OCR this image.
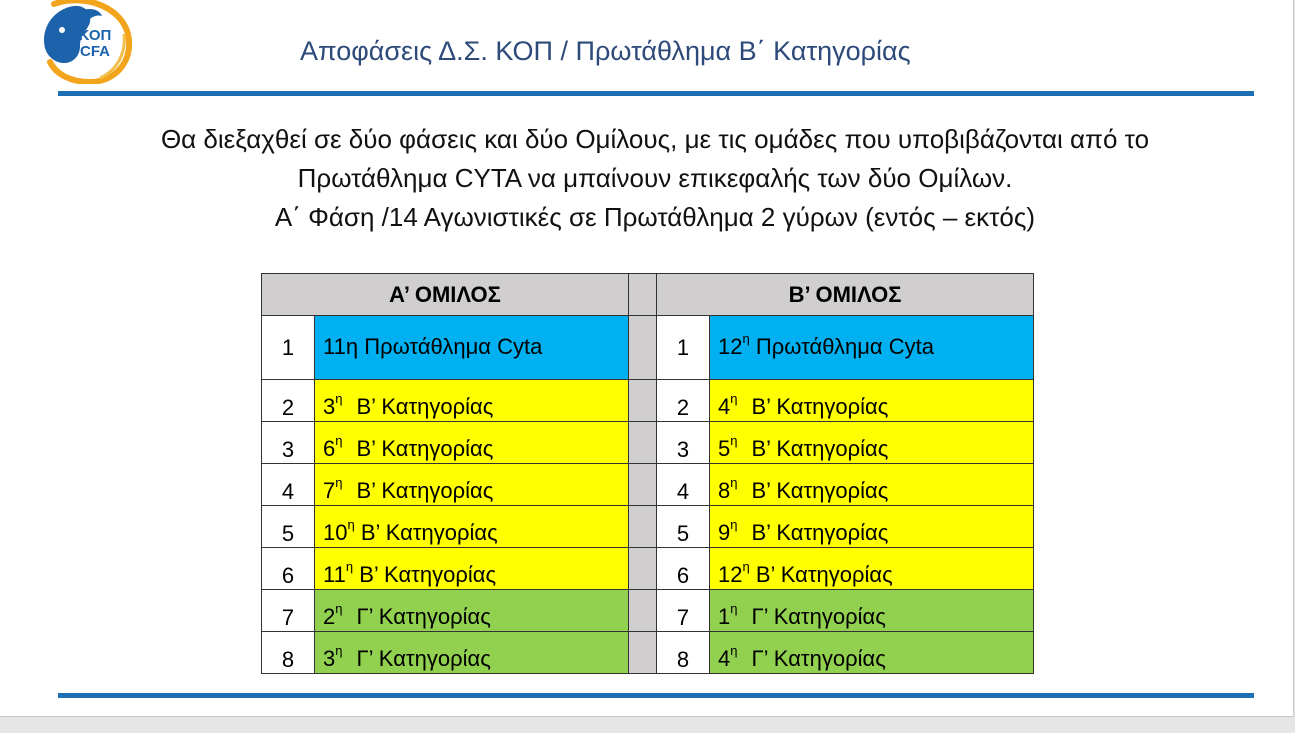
ΚΟΠ
CFA	Αποφάσεις Δ.Σ. ΚΟΠ / Πρωτάθλημα Β΄ Κατηγορίας
Θα διεξαχθεί σε δύο φάσεις και δύο Ομίλους, με τις ομάδες που υποβιβάζονται από το
Πρωτάθλημα CYTA να μπαίνουν επικεφαλής των δύο Ομίλων.
Α΄ Φάση /14 Αγωνιστικές σε Πρωτάθλημα 2 γύρων (εντός – εκτός)
Α’ ΟΜΙΛΟΣ			Β’ ΟΜΙΛΟΣ	
1	11η Πρωτάθλημα Cyta		1	$12^\eta$ Πρωτάθλημα Cyta
2	$3^\eta$ B’ Κατηγορίας		2	$4^\eta$ B’ Κατηγορίας
3	$6^\eta$ B’ Κατηγορίας		3	$5^\eta$ B’ Κατηγορίας
4	$7^\eta$ B’ Κατηγορίας		4	$8^\eta$ B’ Κατηγορίας
5	$10^\eta$ B’ Κατηγορίας		5	$9^\eta$ B’ Κατηγορίας
6	$11^\eta$ B’ Κατηγορίας		6	$12^\eta$ B’ Κατηγορίας
7	$2^\eta$ Γ’ Κατηγορίας		7	$1^\eta$ Γ’ Κατηγορίας
8	$3^\eta$ Γ’ Κατηγορίας		8	$4^\eta$ Γ’ Κατηγορίας
